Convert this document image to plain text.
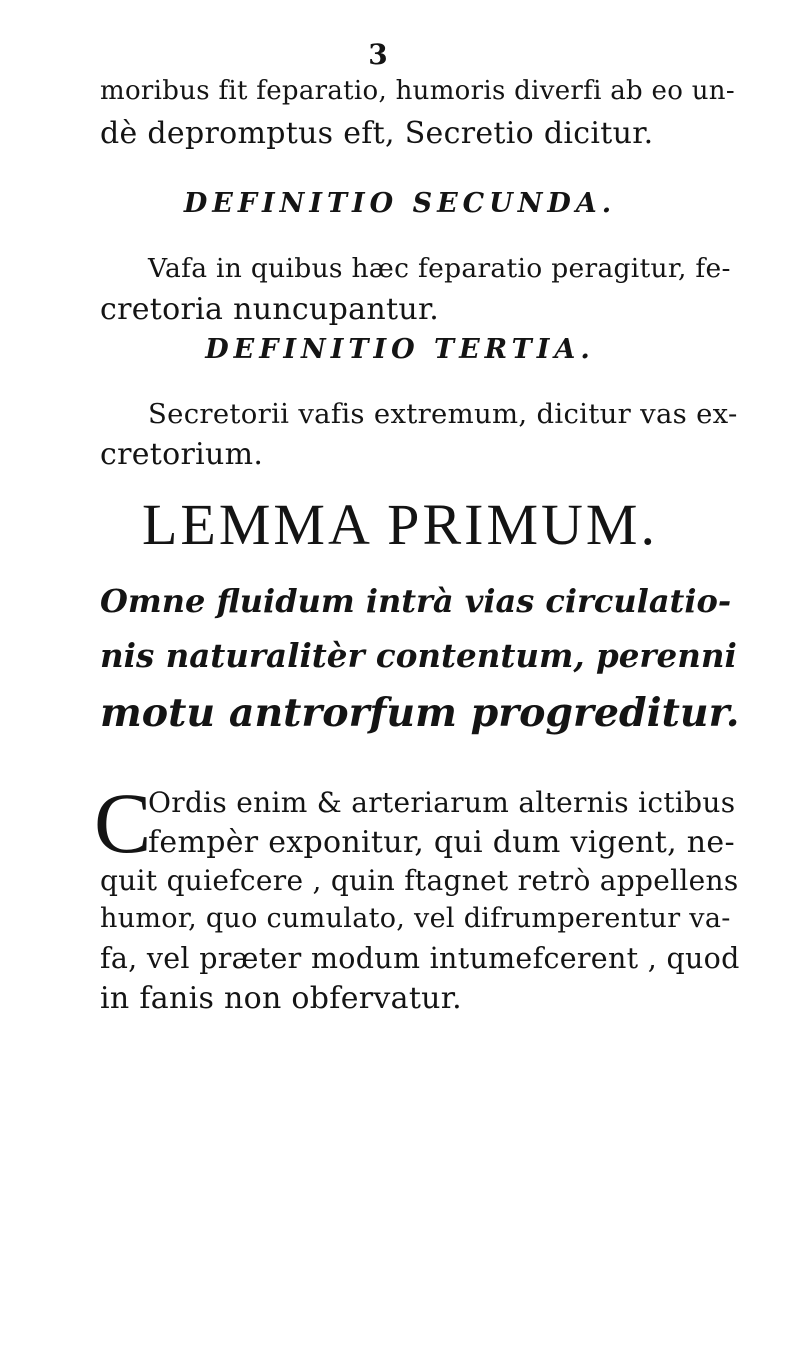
3
moribus fit feparatio, humoris diverfi ab eo un-
dè depromptus eft, Secretio dicitur.
DEFINITIO SECUNDA.
Vafa in quibus hæc feparatio peragitur, fe-
cretoria nuncupantur.
DEFINITIO TERTIA.
Secretorii vafis extremum, dicitur vas ex-
cretorium.
LEMMA PRIMUM.
Omne fluidum intrà vias circulatio-
nis naturalitèr contentum, perenni
motu antrorfum progreditur.
C
Ordis enim & arteriarum alternis ictibus
fempèr exponitur, qui dum vigent, ne-
quit quiefcere , quin ftagnet retrò appellens
humor, quo cumulato, vel difrumperentur va-
fa, vel præter modum intumefcerent , quod
in fanis non obfervatur.
